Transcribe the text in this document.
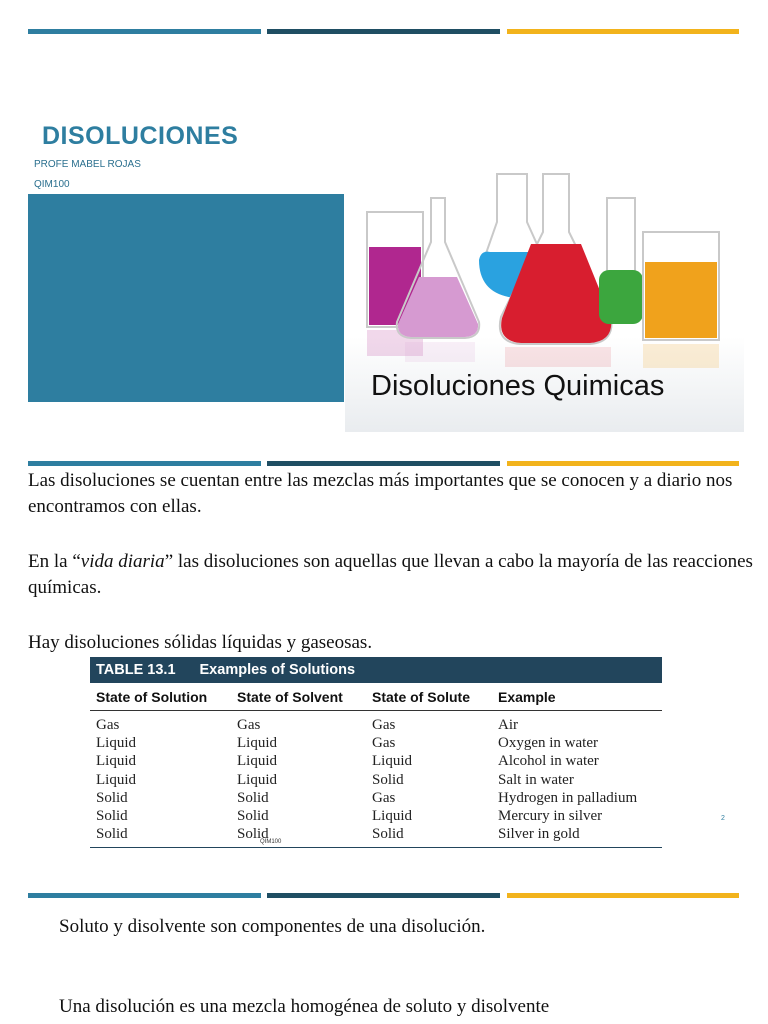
DISOLUCIONES
PROFE MABEL ROJAS
QIM100
Disoluciones Quimicas

Las disoluciones se cuentan entre las mezclas más importantes que se conocen y a diario nos encontramos con ellas.

En la “vida diaria” las disoluciones son aquellas que llevan a cabo la mayoría de las reacciones químicas.

Hay disoluciones sólidas líquidas y gaseosas.

TABLE 13.1 Examples of Solutions
State of Solution	State of Solvent	State of Solute	Example
Gas	Gas	Gas	Air
Liquid	Liquid	Gas	Oxygen in water
Liquid	Liquid	Liquid	Alcohol in water
Liquid	Liquid	Solid	Salt in water
Solid	Solid	Gas	Hydrogen in palladium
Solid	Solid	Liquid	Mercury in silver
Solid	Solid	Solid	Silver in gold
QIM100
2

Soluto y disolvente son componentes de una disolución.

Una disolución es una mezcla homogénea de soluto y disolvente
